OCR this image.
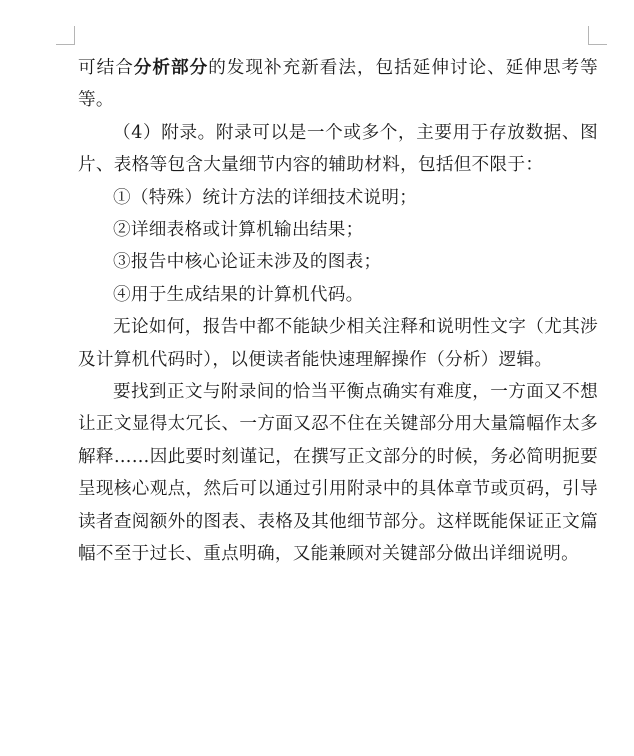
可结合分析部分的发现补充新看法，包括延伸讨论、延伸思考等等。

（4）附录。附录可以是一个或多个，主要用于存放数据、图片、表格等包含大量细节内容的辅助材料，包括但不限于：

①（特殊）统计方法的详细技术说明；

②详细表格或计算机输出结果；

③报告中核心论证未涉及的图表；

④用于生成结果的计算机代码。

无论如何，报告中都不能缺少相关注释和说明性文字（尤其涉及计算机代码时），以便读者能快速理解操作（分析）逻辑。

要找到正文与附录间的恰当平衡点确实有难度，一方面又不想让正文显得太冗长、一方面又忍不住在关键部分用大量篇幅作太多解释……因此要时刻谨记，在撰写正文部分的时候，务必简明扼要呈现核心观点，然后可以通过引用附录中的具体章节或页码，引导读者查阅额外的图表、表格及其他细节部分。这样既能保证正文篇幅不至于过长、重点明确，又能兼顾对关键部分做出详细说明。
